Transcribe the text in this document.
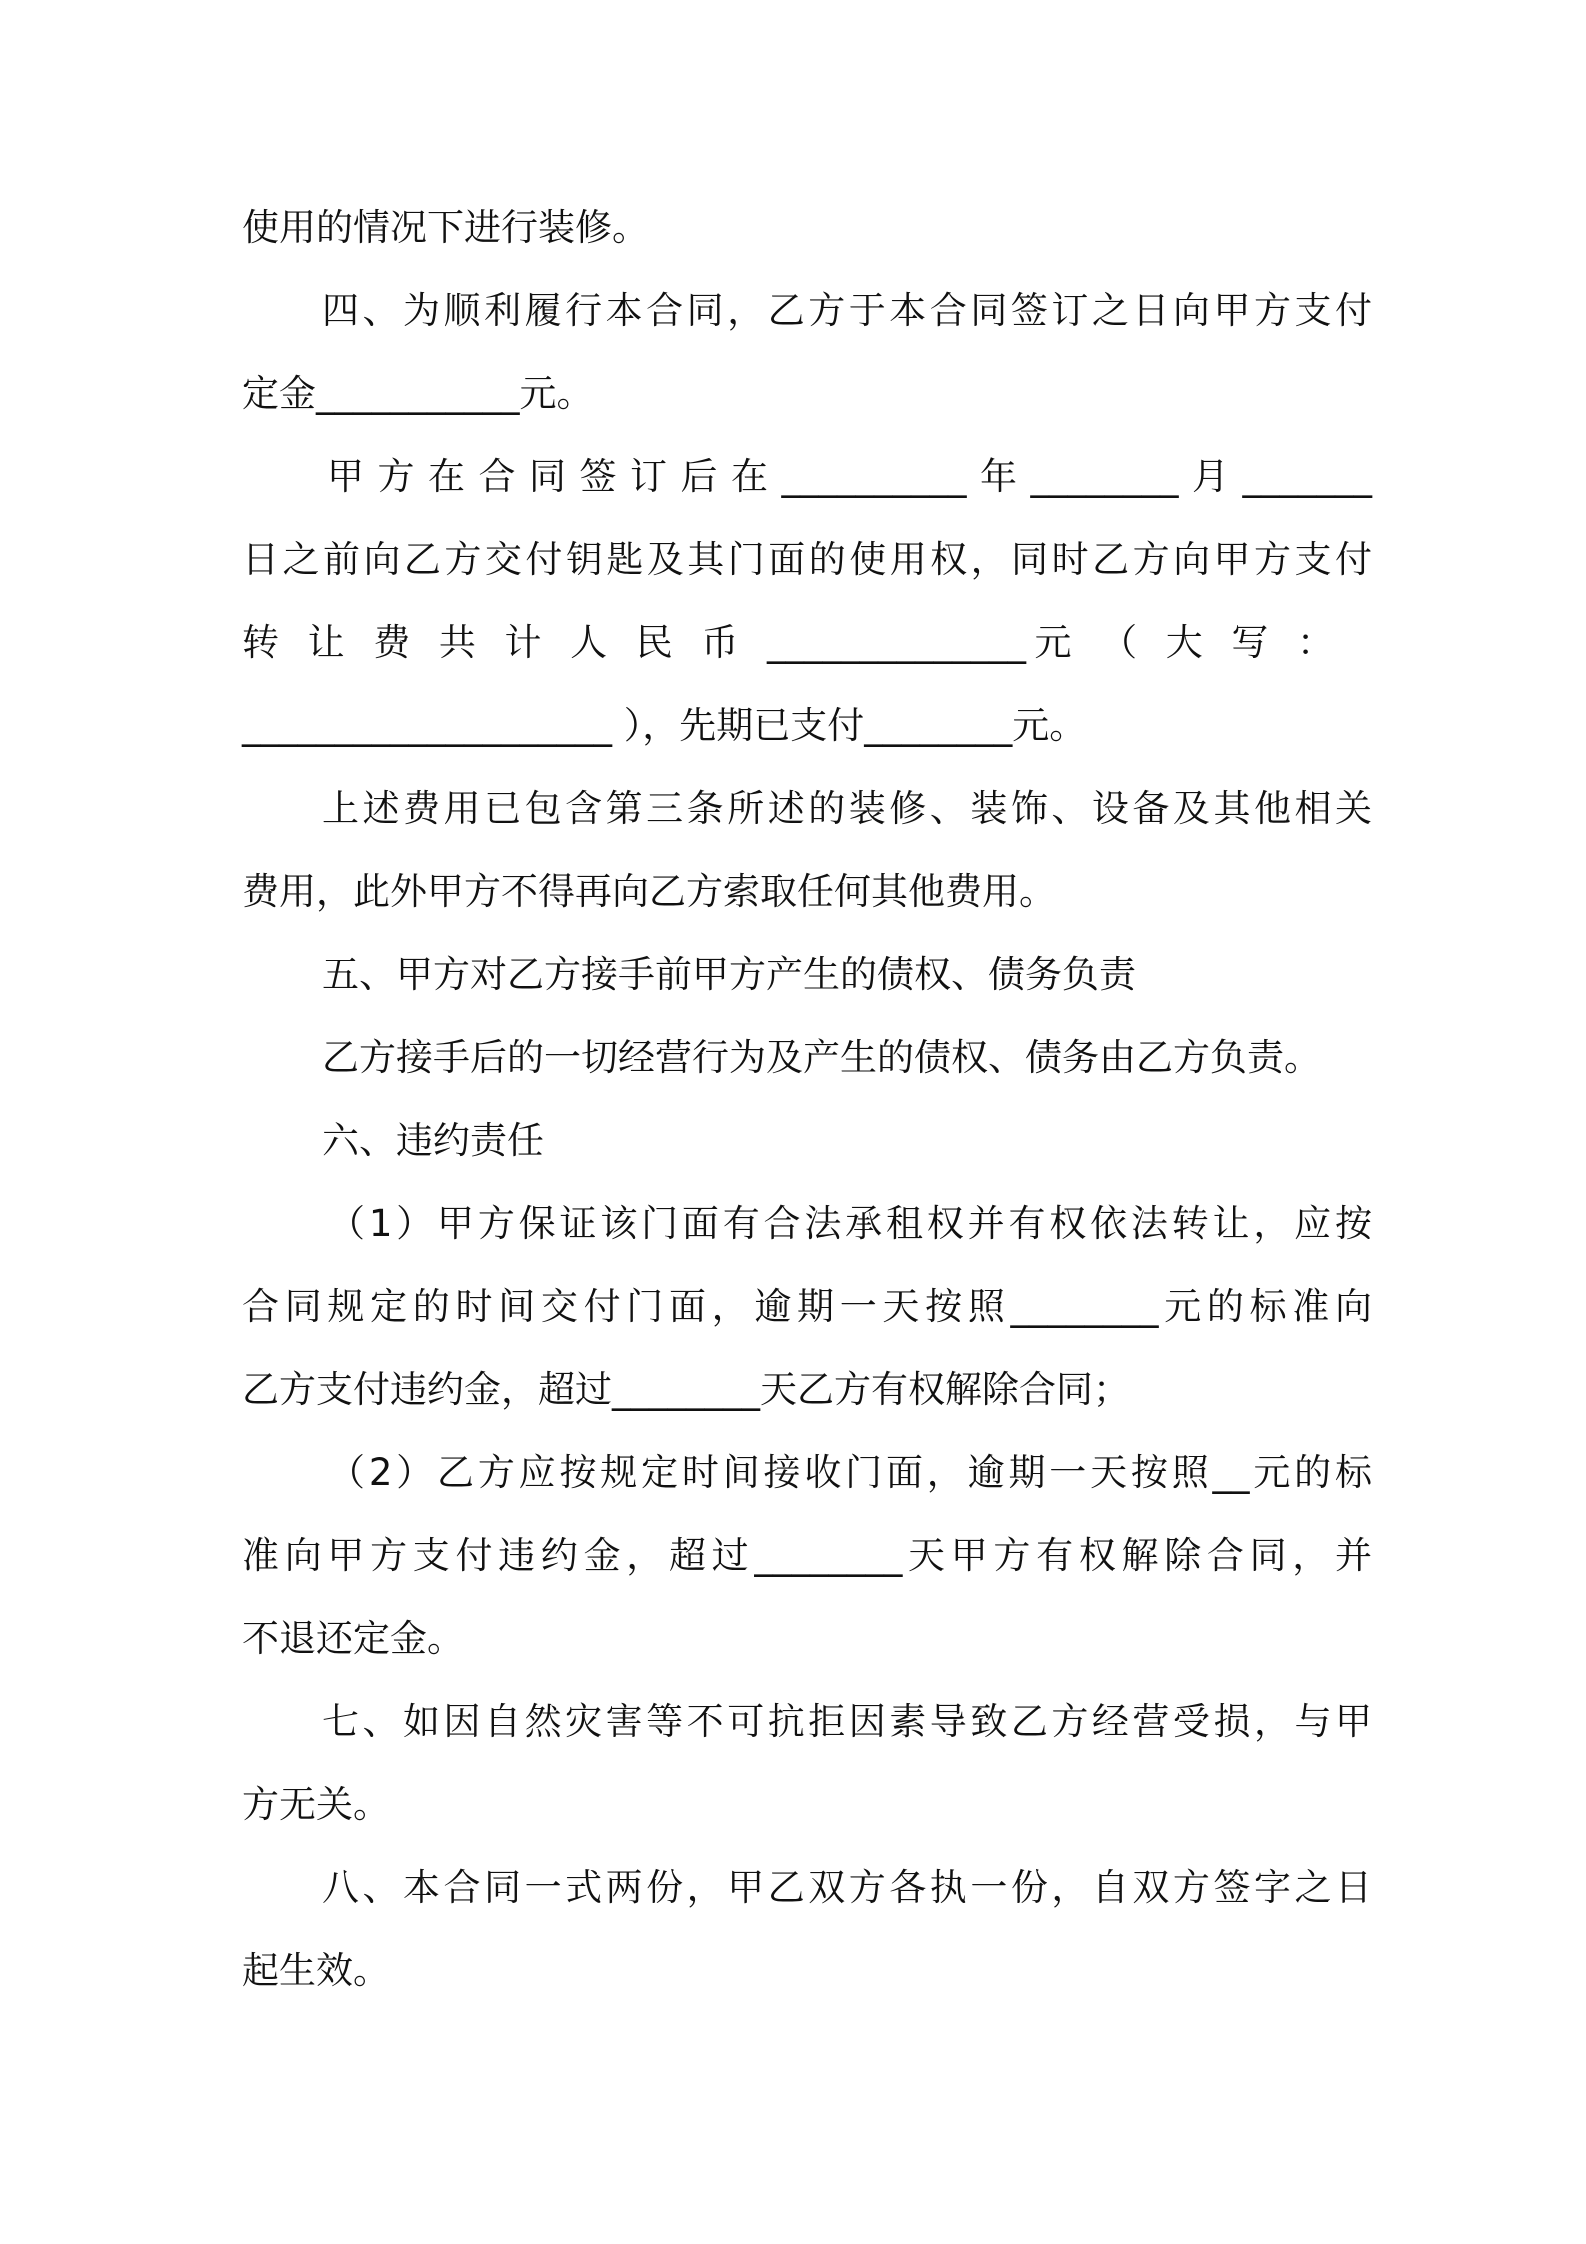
使用的情况下进行装修。
四、为顺利履行本合同，乙方于本合同签订之日向甲方支付
定金___________元。
甲方在合同签订后在__________年________月_______
日之前向乙方交付钥匙及其门面的使用权，同时乙方向甲方支付
转 让 费 共 计 人 民 币 ______________元 （ 大 写 ：
____________________ ），先期已支付________元。
上述费用已包含第三条所述的装修、装饰、设备及其他相关
费用，此外甲方不得再向乙方索取任何其他费用。
五、甲方对乙方接手前甲方产生的债权、债务负责
乙方接手后的一切经营行为及产生的债权、债务由乙方负责。
六、违约责任
（1）甲方保证该门面有合法承租权并有权依法转让，应按
合同规定的时间交付门面，逾期一天按照________元的标准向
乙方支付违约金，超过________天乙方有权解除合同；
（2）乙方应按规定时间接收门面，逾期一天按照__元的标
准向甲方支付违约金，超过________天甲方有权解除合同，并
不退还定金。
七、如因自然灾害等不可抗拒因素导致乙方经营受损，与甲
方无关。
八、本合同一式两份，甲乙双方各执一份，自双方签字之日
起生效。
